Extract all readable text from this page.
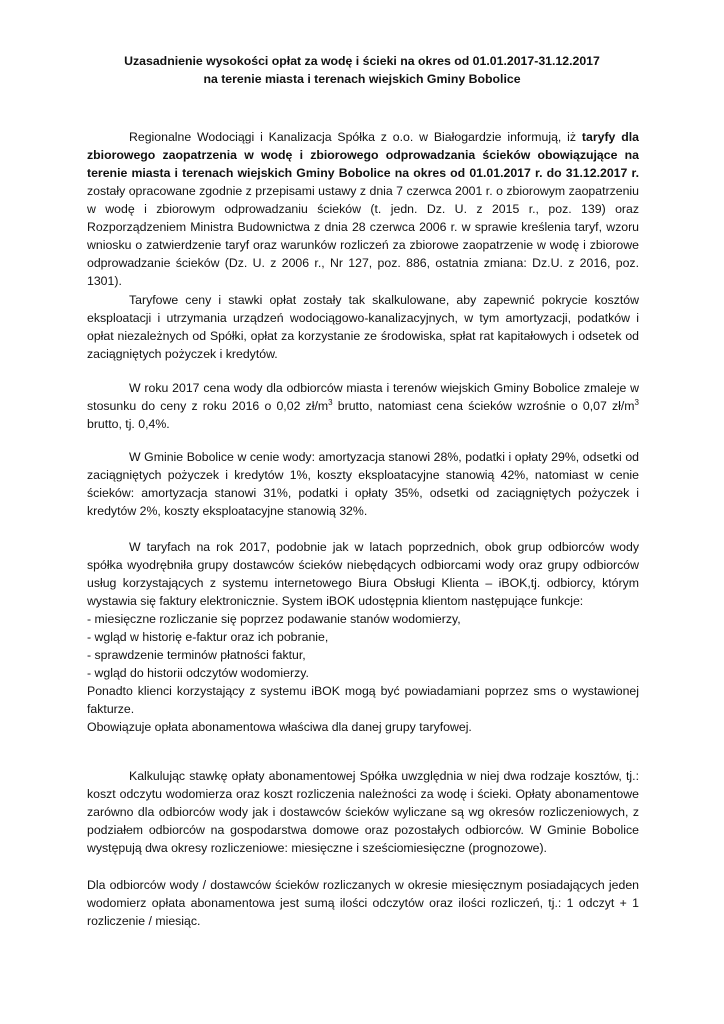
Uzasadnienie wysokości opłat za wodę i ścieki na okres od 01.01.2017-31.12.2017
na terenie miasta i terenach wiejskich Gminy Bobolice

Regionalne Wodociągi i Kanalizacja Spółka z o.o. w Białogardzie informują, iż taryfy dla zbiorowego zaopatrzenia w wodę i zbiorowego odprowadzania ścieków obowiązujące na terenie miasta i terenach wiejskich Gminy Bobolice na okres od 01.01.2017 r. do 31.12.2017 r. zostały opracowane zgodnie z przepisami ustawy z dnia 7 czerwca 2001 r. o zbiorowym zaopatrzeniu w wodę i zbiorowym odprowadzaniu ścieków (t. jedn. Dz. U. z 2015 r., poz. 139) oraz Rozporządzeniem Ministra Budownictwa z dnia 28 czerwca 2006 r. w sprawie kreślenia taryf, wzoru wniosku o zatwierdzenie taryf oraz warunków rozliczeń za zbiorowe zaopatrzenie w wodę i zbiorowe odprowadzanie ścieków (Dz. U. z 2006 r., Nr 127, poz. 886, ostatnia zmiana: Dz.U. z 2016, poz. 1301).

Taryfowe ceny i stawki opłat zostały tak skalkulowane, aby zapewnić pokrycie kosztów eksploatacji i utrzymania urządzeń wodociągowo-kanalizacyjnych, w tym amortyzacji, podatków i opłat niezależnych od Spółki, opłat za korzystanie ze środowiska, spłat rat kapitałowych i odsetek od zaciągniętych pożyczek i kredytów.

W roku 2017 cena wody dla odbiorców miasta i terenów wiejskich Gminy Bobolice zmaleje w stosunku do ceny z roku 2016 o 0,02 $zł/m^3$ brutto, natomiast cena ścieków wzrośnie o 0,07 $zł/m^3$ brutto, tj. 0,4%.

W Gminie Bobolice w cenie wody: amortyzacja stanowi 28%, podatki i opłaty 29%, odsetki od zaciągniętych pożyczek i kredytów 1%, koszty eksploatacyjne stanowią 42%, natomiast w cenie ścieków: amortyzacja stanowi 31%, podatki i opłaty 35%, odsetki od zaciągniętych pożyczek i kredytów 2%, koszty eksploatacyjne stanowią 32%.

W taryfach na rok 2017, podobnie jak w latach poprzednich, obok grup odbiorców wody spółka wyodrębniła grupy dostawców ścieków niebędących odbiorcami wody oraz grupy odbiorców usług korzystających z systemu internetowego Biura Obsługi Klienta – iBOK,tj. odbiorcy, którym wystawia się faktury elektronicznie. System iBOK udostępnia klientom następujące funkcje:

- miesięczne rozliczanie się poprzez podawanie stanów wodomierzy,

- wgląd w historię e-faktur oraz ich pobranie,

- sprawdzenie terminów płatności faktur,

- wgląd do historii odczytów wodomierzy.

Ponadto klienci korzystający z systemu iBOK mogą być powiadamiani poprzez sms o wystawionej fakturze.

Obowiązuje opłata abonamentowa właściwa dla danej grupy taryfowej.

Kalkulując stawkę opłaty abonamentowej Spółka uwzględnia w niej dwa rodzaje kosztów, tj.: koszt odczytu wodomierza oraz koszt rozliczenia należności za wodę i ścieki. Opłaty abonamentowe zarówno dla odbiorców wody jak i dostawców ścieków wyliczane są wg okresów rozliczeniowych, z podziałem odbiorców na gospodarstwa domowe oraz pozostałych odbiorców. W Gminie Bobolice występują dwa okresy rozliczeniowe: miesięczne i sześciomiesięczne (prognozowe).

Dla odbiorców wody / dostawców ścieków rozliczanych w okresie miesięcznym posiadających jeden wodomierz opłata abonamentowa jest sumą ilości odczytów oraz ilości rozliczeń, tj.: 1 odczyt + 1 rozliczenie / miesiąc.
